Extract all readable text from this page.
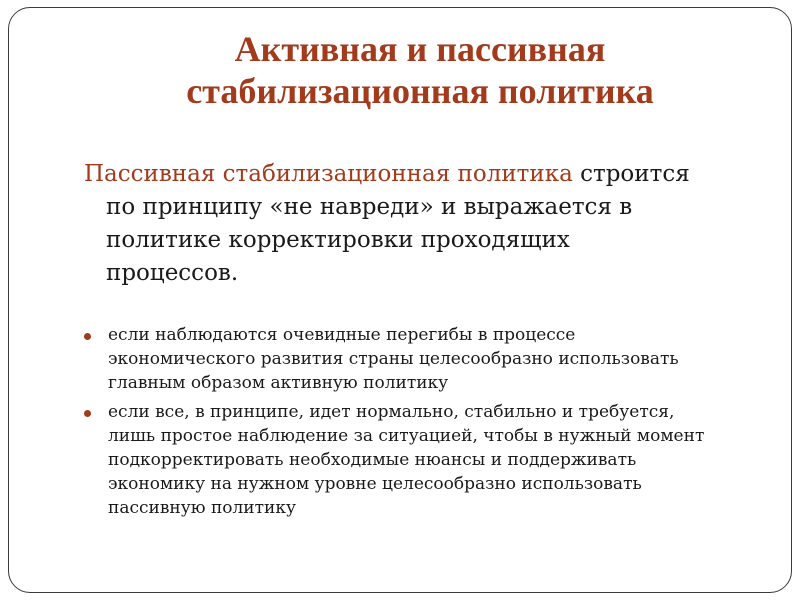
Активная и пассивная
стабилизационная политика
Пассивная стабилизационная политика строится
по принципу «не навреди» и выражается в
политике корректировки проходящих
процессов.
если наблюдаются очевидные перегибы в процессе
экономического развития страны целесообразно использовать
главным образом активную политику
если все, в принципе, идет нормально, стабильно и требуется,
лишь простое наблюдение за ситуацией, чтобы в нужный момент
подкорректировать необходимые нюансы и поддерживать
экономику на нужном уровне целесообразно использовать
пассивную политику
